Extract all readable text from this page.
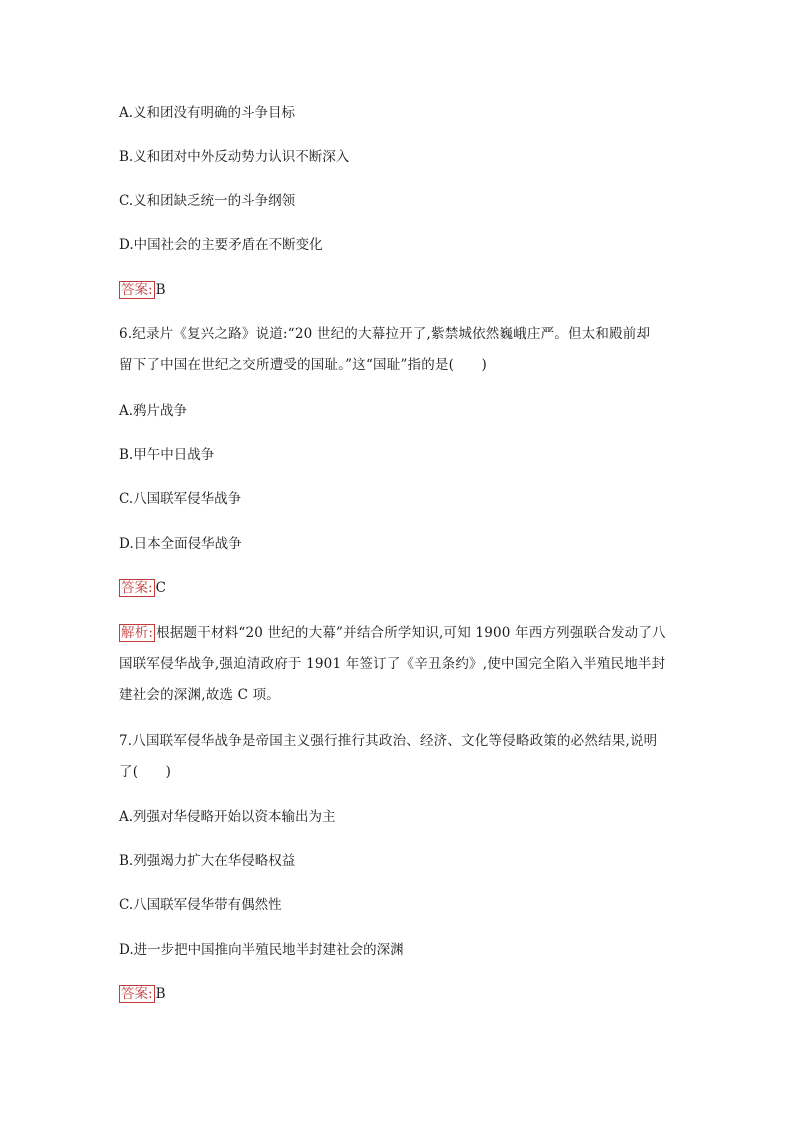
A.义和团没有明确的斗争目标
B.义和团对中外反动势力认识不断深入
C.义和团缺乏统一的斗争纲领
D.中国社会的主要矛盾在不断变化
答案: B
6.纪录片《复兴之路》说道:“20 世纪的大幕拉开了,紫禁城依然巍峨庄严。但太和殿前却
留下了中国在世纪之交所遭受的国耻。”这“国耻”指的是(　　)
A.鸦片战争
B.甲午中日战争
C.八国联军侵华战争
D.日本全面侵华战争
答案: C
解析: 根据题干材料“20 世纪的大幕”并结合所学知识,可知 1900 年西方列强联合发动了八
国联军侵华战争,强迫清政府于 1901 年签订了《辛丑条约》,使中国完全陷入半殖民地半封
建社会的深渊,故选 C 项。
7.八国联军侵华战争是帝国主义强行推行其政治、经济、文化等侵略政策的必然结果,说明
了(　　)
A.列强对华侵略开始以资本输出为主
B.列强竭力扩大在华侵略权益
C.八国联军侵华带有偶然性
D.进一步把中国推向半殖民地半封建社会的深渊
答案: B
